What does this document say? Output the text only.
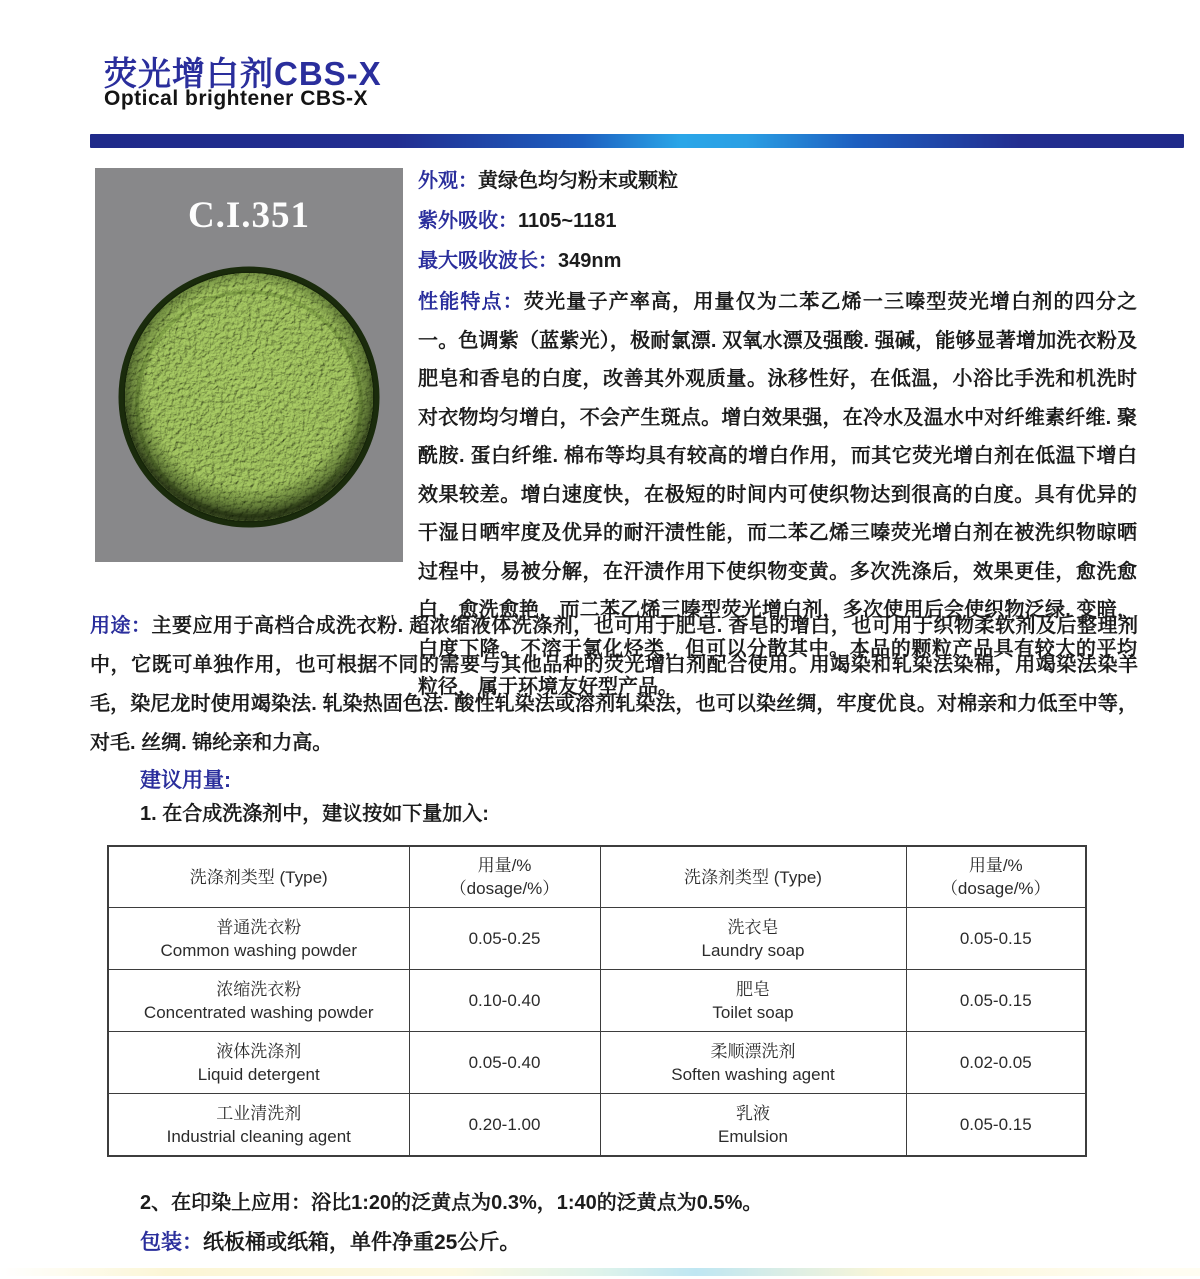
荧光增白剂CBS-X
Optical brightener CBS-X
C.I.351

外观：黄绿色均匀粉末或颗粒

紫外吸收：1105~1181

最大吸收波长：349nm

性能特点：荧光量子产率高，用量仅为二苯乙烯一三嗪型荧光增白剂的四分之一。色调紫（蓝紫光），极耐氯漂. 双氧水漂及强酸. 强碱，能够显著增加洗衣粉及肥皂和香皂的白度，改善其外观质量。泳移性好，在低温，小浴比手洗和机洗时对衣物均匀增白，不会产生斑点。增白效果强，在冷水及温水中对纤维素纤维. 聚酰胺. 蛋白纤维. 棉布等均具有较高的增白作用，而其它荧光增白剂在低温下增白效果较差。增白速度快，在极短的时间内可使织物达到很高的白度。具有优异的干湿日晒牢度及优异的耐汗渍性能，而二苯乙烯三嗪荧光增白剂在被洗织物晾晒过程中，易被分解，在汗渍作用下使织物变黄。多次洗涤后，效果更佳，愈洗愈白，愈洗愈艳，而二苯乙烯三嗪型荧光增白剂，多次使用后会使织物泛绿. 变暗，白度下降。不溶于氯化烃类，但可以分散其中。本品的颗粒产品具有较大的平均粒径，属于环境友好型产品。

用途：主要应用于高档合成洗衣粉. 超浓缩液体洗涤剂，也可用于肥皂. 香皂的增白，也可用于织物柔软剂及后整理剂中，它既可单独作用，也可根据不同的需要与其他品种的荧光增白剂配合使用。用竭染和轧染法染棉，用竭染法染羊毛，染尼龙时使用竭染法. 轧染热固色法. 酸性轧染法或溶剂轧染法，也可以染丝绸，牢度优良。对棉亲和力低至中等，对毛. 丝绸. 锦纶亲和力高。
建议用量:
1. 在合成洗涤剂中，建议按如下量加入:
洗涤剂类型 (Type)	
用量/%
（dosage/%）
	洗涤剂类型 (Type)	
用量/%
（dosage/%）

普通洗衣粉
Common washing powder
	0.05-0.25	
洗衣皂
Laundry soap
	0.05-0.15

浓缩洗衣粉
Concentrated washing powder
	0.10-0.40	
肥皂
Toilet soap
	0.05-0.15

液体洗涤剂
Liquid detergent
	0.05-0.40	
柔顺漂洗剂
Soften washing agent
	0.02-0.05

工业清洗剂
Industrial cleaning agent
	0.20-1.00	
乳液
Emulsion
	0.05-0.15
2、在印染上应用：浴比1:20的泛黄点为0.3%，1:40的泛黄点为0.5%。
包装：纸板桶或纸箱，单件净重25公斤。
